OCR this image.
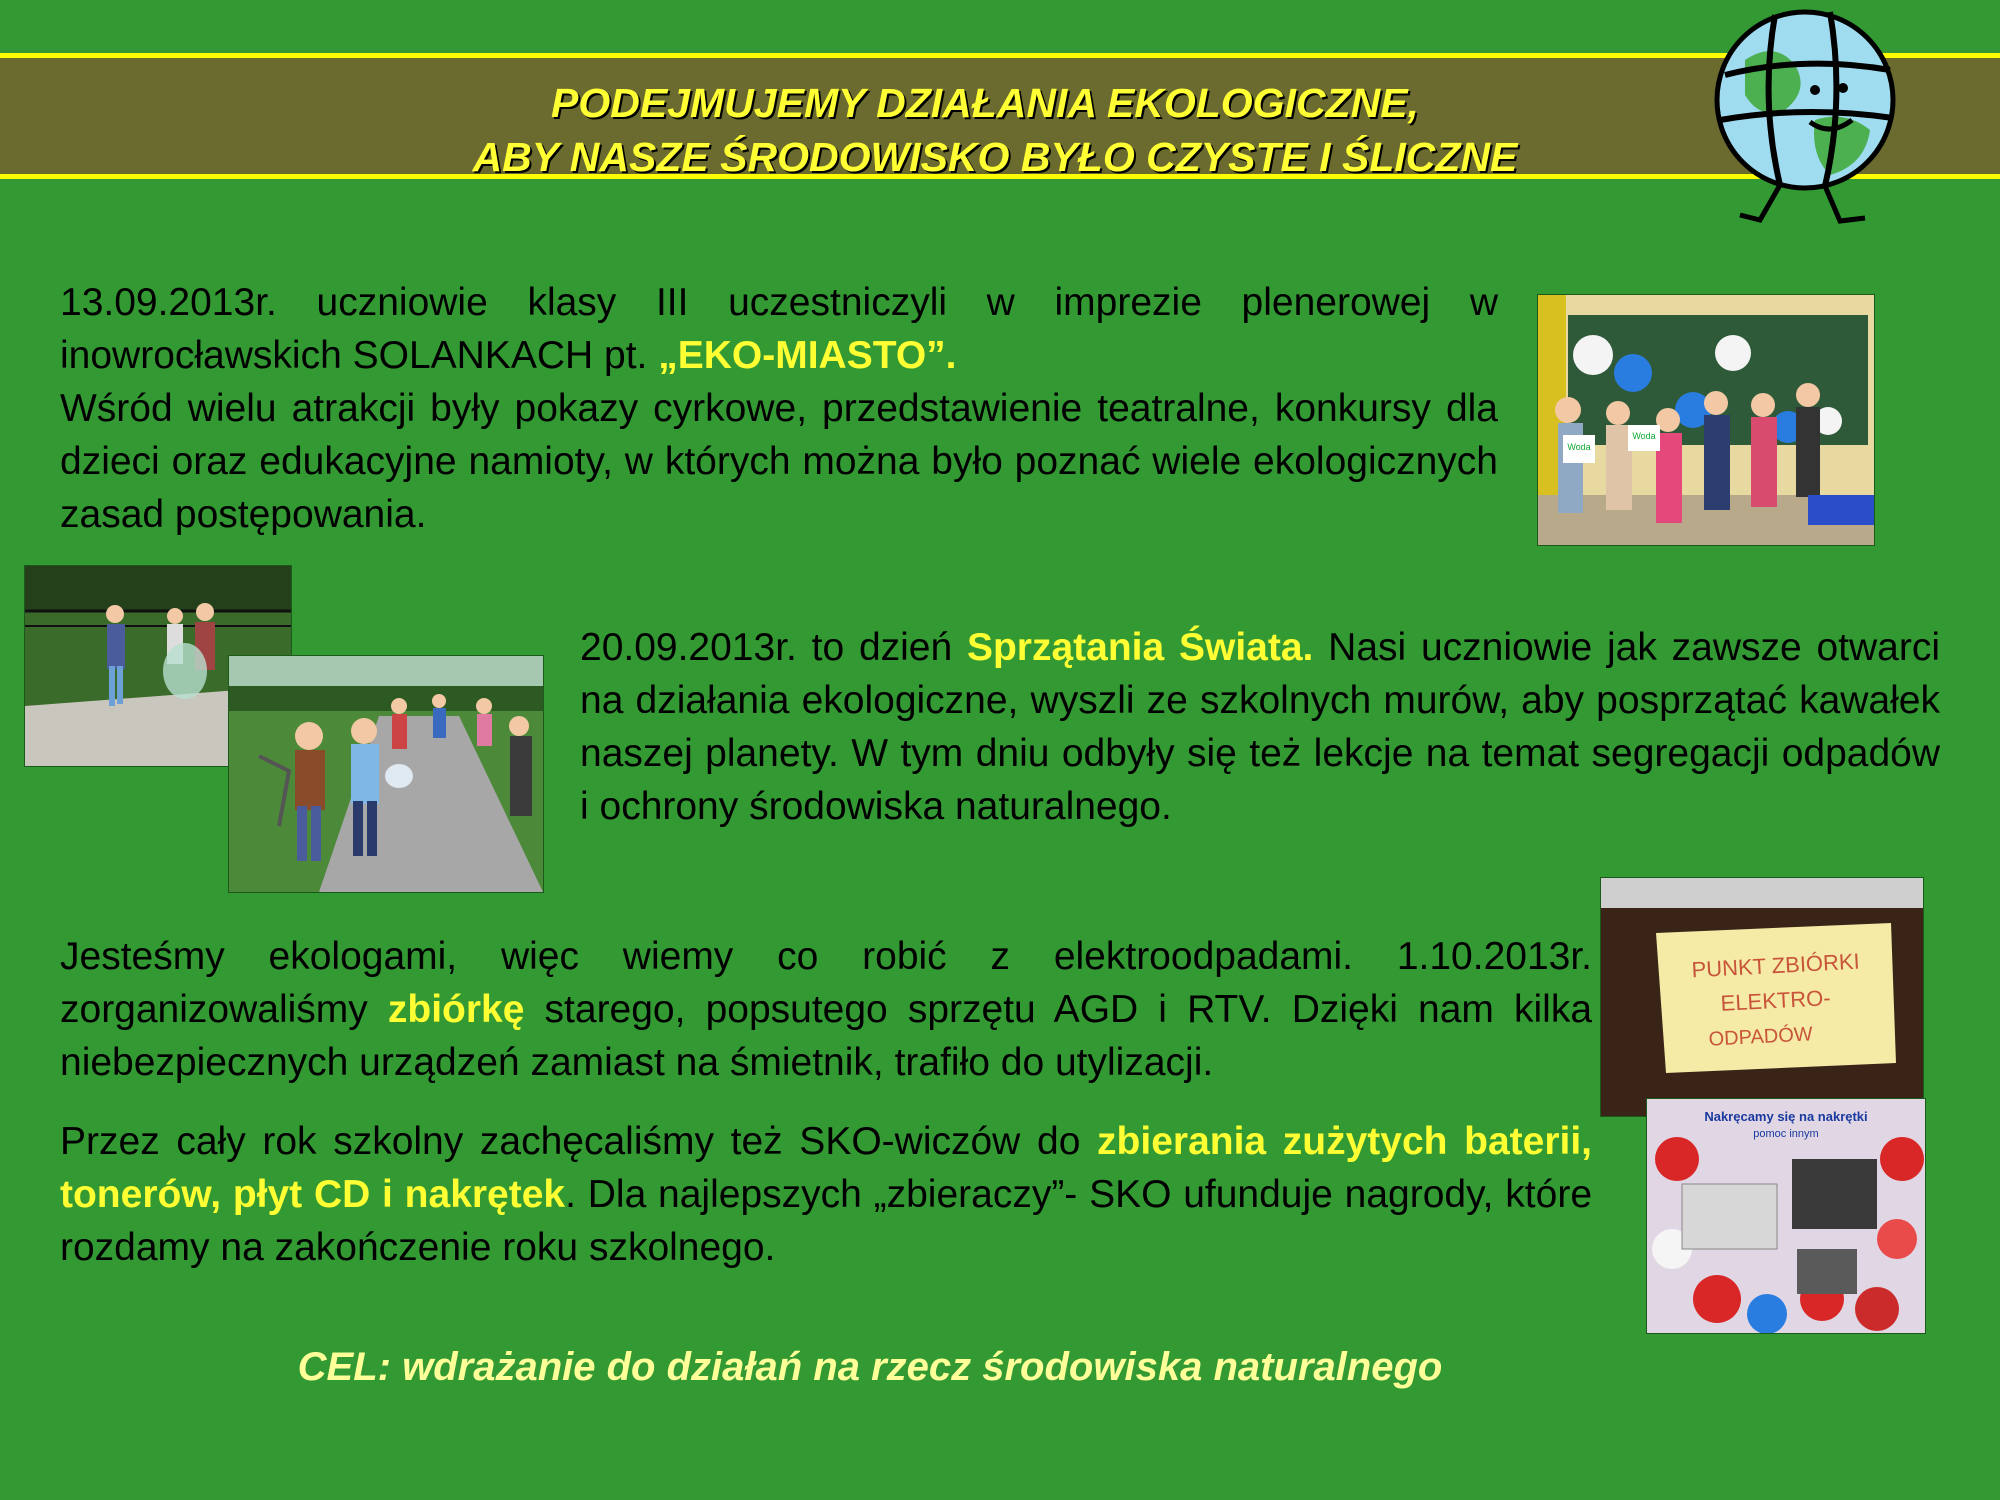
PODEJMUJEMY DZIAŁANIA EKOLOGICZNE,
ABY NASZE ŚRODOWISKO BYŁO CZYSTE I ŚLICZNE

13.09.2013r. uczniowie klasy III uczestniczyli w imprezie plenerowej w inowrocławskich SOLANKACH pt. „EKO-MIASTO”.
Wśród wielu atrakcji były pokazy cyrkowe, przedstawienie teatralne, konkursy dla dzieci oraz edukacyjne namioty, w których można było poznać wiele ekologicznych zasad postępowania.

Woda
Woda

20.09.2013r. to dzień Sprzątania Świata. Nasi uczniowie jak zawsze otwarci na działania ekologiczne, wyszli ze szkolnych murów, aby posprzątać kawałek naszej planety. W tym dniu odbyły się też lekcje na temat segregacji odpadów i ochrony środowiska naturalnego.

PUNKT ZBIÓRKI
ELEKTRO-
ODPADÓW
Nakręcamy się na nakrętki
pomoc innym

Jesteśmy ekologami, więc wiemy co robić z elektroodpadami. 1.10.2013r. zorganizowaliśmy zbiórkę starego, popsutego sprzętu AGD i RTV. Dzięki nam kilka niebezpiecznych urządzeń zamiast na śmietnik, trafiło do utylizacji.

Przez cały rok szkolny zachęcaliśmy też SKO-wiczów do zbierania zużytych baterii, tonerów, płyt CD i nakrętek. Dla najlepszych „zbieraczy”- SKO ufunduje nagrody, które rozdamy na zakończenie roku szkolnego.

CEL: wdrażanie do działań na rzecz środowiska naturalnego
